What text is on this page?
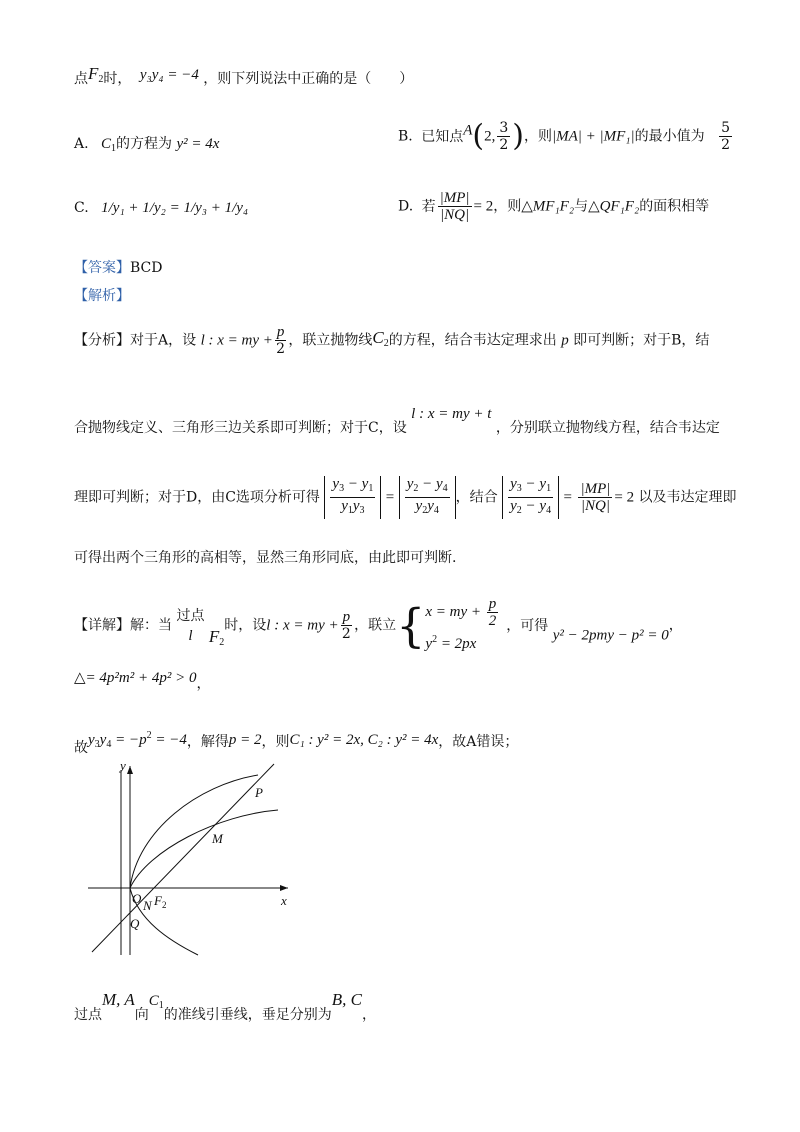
点$F_2$时， y₃y₄ = −4 ，则下列说法中正确的是（　　）
A. $C_1$的方程为 y² = 4x	B. 已知点A(2, $\frac{3}{2}$ )，则|MA| + |MF₁|的最小值为 $\frac{5}{2}$
C. 1/y₁ + 1/y₂ = 1/y₃ + 1/y₄	D. 若 $\frac{|MP|}{|NQ|} = 2$，则△MF₁F₂与△QF₁F₂的面积相等
【答案】BCD
【解析】
【分析】对于A，设 l : x = my + $\frac{p}{2}$ ，联立抛物线$C_2$的方程，结合韦达定理求出 p 即可判断；对于B，结
合抛物线定义、三角形三边关系即可判断；对于C，设 l : x = my + t ，分别联立抛物线方程，结合韦达定
理即可判断；对于D，由C选项分析可得 $\frac{y_3 - y_1}{y_1y_3} = \frac{y_2 - y_4}{y_2y_4}$ ，结合 $\frac{y_3 - y_1}{y_2 - y_4} = \frac{|MP|}{|NQ|} = 2$ 以及韦达定理即
可得出两个三角形的高相等，显然三角形同底，由此即可判断.
【详解】解：当 过点
l $F_2$时，设l : x = my + $\frac{p}{2}$ ，联立{ x = my + $\frac{p}{2}$
$y^2 = 2px$
，可得 y² − 2pmy − p² = 0，
△= 4p²m² + 4p² > 0，
故$y_3y_4 = -p^2 = -4$，解得p = 2，则C₁ : y² = 2x, C₂ : y² = 4x，故A错误；
y
x
P
M
O N $F_2$
Q
过点M, A向$C_1$的准线引垂线，垂足分别为B, C，
